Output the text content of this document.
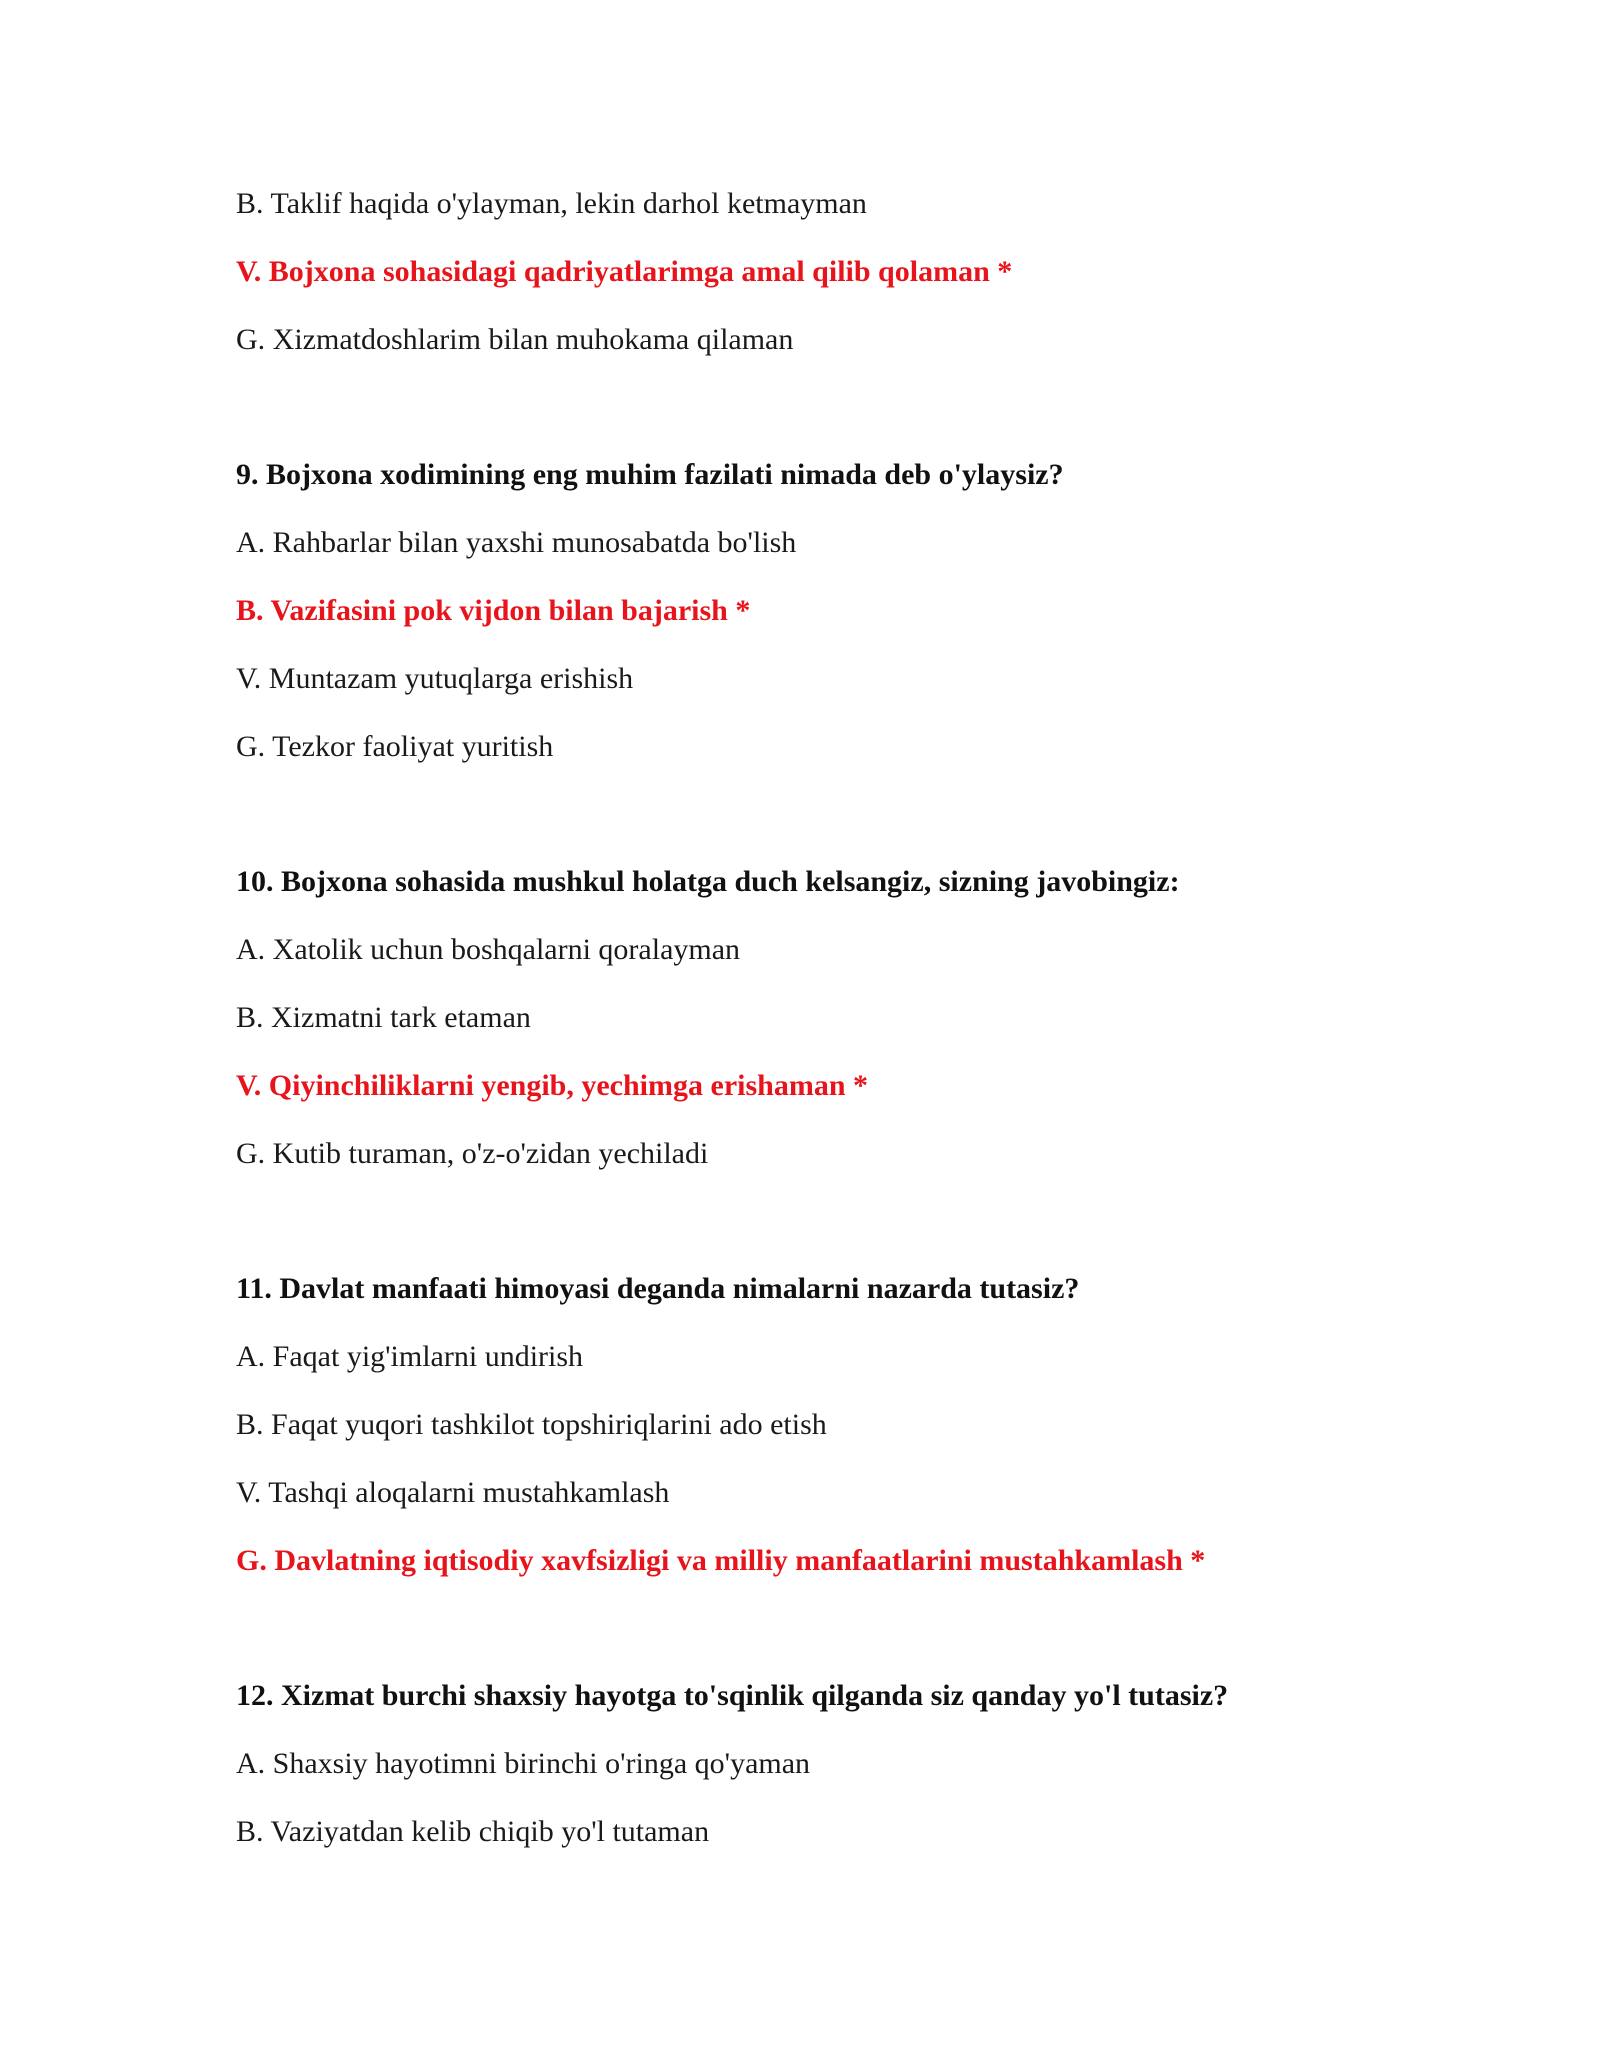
B. Taklif haqida o'ylayman, lekin darhol ketmayman
V. Bojxona sohasidagi qadriyatlarimga amal qilib qolaman *
G. Xizmatdoshlarim bilan muhokama qilaman
9. Bojxona xodimining eng muhim fazilati nimada deb o'ylaysiz?
A. Rahbarlar bilan yaxshi munosabatda bo'lish
B. Vazifasini pok vijdon bilan bajarish *
V. Muntazam yutuqlarga erishish
G. Tezkor faoliyat yuritish
10. Bojxona sohasida mushkul holatga duch kelsangiz, sizning javobingiz:
A. Xatolik uchun boshqalarni qoralayman
B. Xizmatni tark etaman
V. Qiyinchiliklarni yengib, yechimga erishaman *
G. Kutib turaman, o'z-o'zidan yechiladi
11. Davlat manfaati himoyasi deganda nimalarni nazarda tutasiz?
A. Faqat yig'imlarni undirish
B. Faqat yuqori tashkilot topshiriqlarini ado etish
V. Tashqi aloqalarni mustahkamlash
G. Davlatning iqtisodiy xavfsizligi va milliy manfaatlarini mustahkamlash *
12. Xizmat burchi shaxsiy hayotga to'sqinlik qilganda siz qanday yo'l tutasiz?
A. Shaxsiy hayotimni birinchi o'ringa qo'yaman
B. Vaziyatdan kelib chiqib yo'l tutaman
